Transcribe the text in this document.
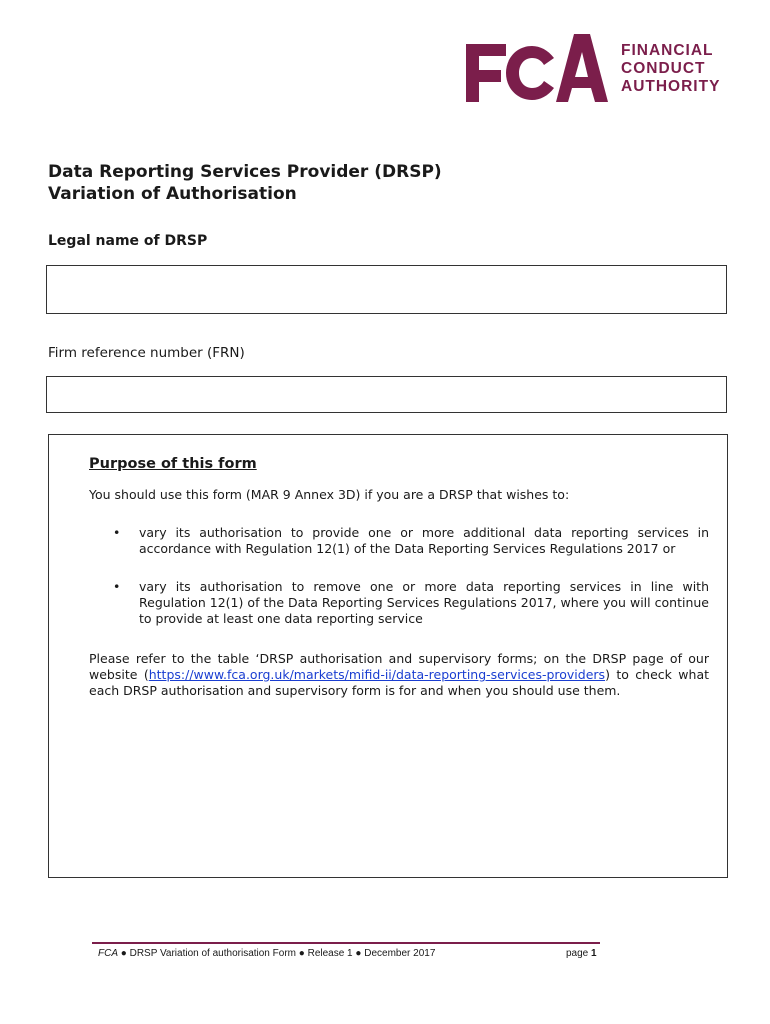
FINANCIAL
CONDUCT
AUTHORITY
Data Reporting Services Provider (DRSP)
Variation of Authorisation
Legal name of DRSP
Firm reference number (FRN)
Purpose of this form
You should use this form (MAR 9 Annex 3D) if you are a DRSP that wishes to:
• vary its authorisation to provide one or more additional data reporting services in accordance with Regulation 12(1) of the Data Reporting Services Regulations 2017 or
• vary its authorisation to remove one or more data reporting services in line with Regulation 12(1) of the Data Reporting Services Regulations 2017, where you will continue to provide at least one data reporting service
Please refer to the table ‘DRSP authorisation and supervisory forms; on the DRSP page of our website (https://www.fca.org.uk/markets/mifid-ii/data-reporting-services-providers) to check what each DRSP authorisation and supervisory form is for and when you should use them.
FCA ● DRSP Variation of authorisation Form ● Release 1 ● December 2017	page 1
